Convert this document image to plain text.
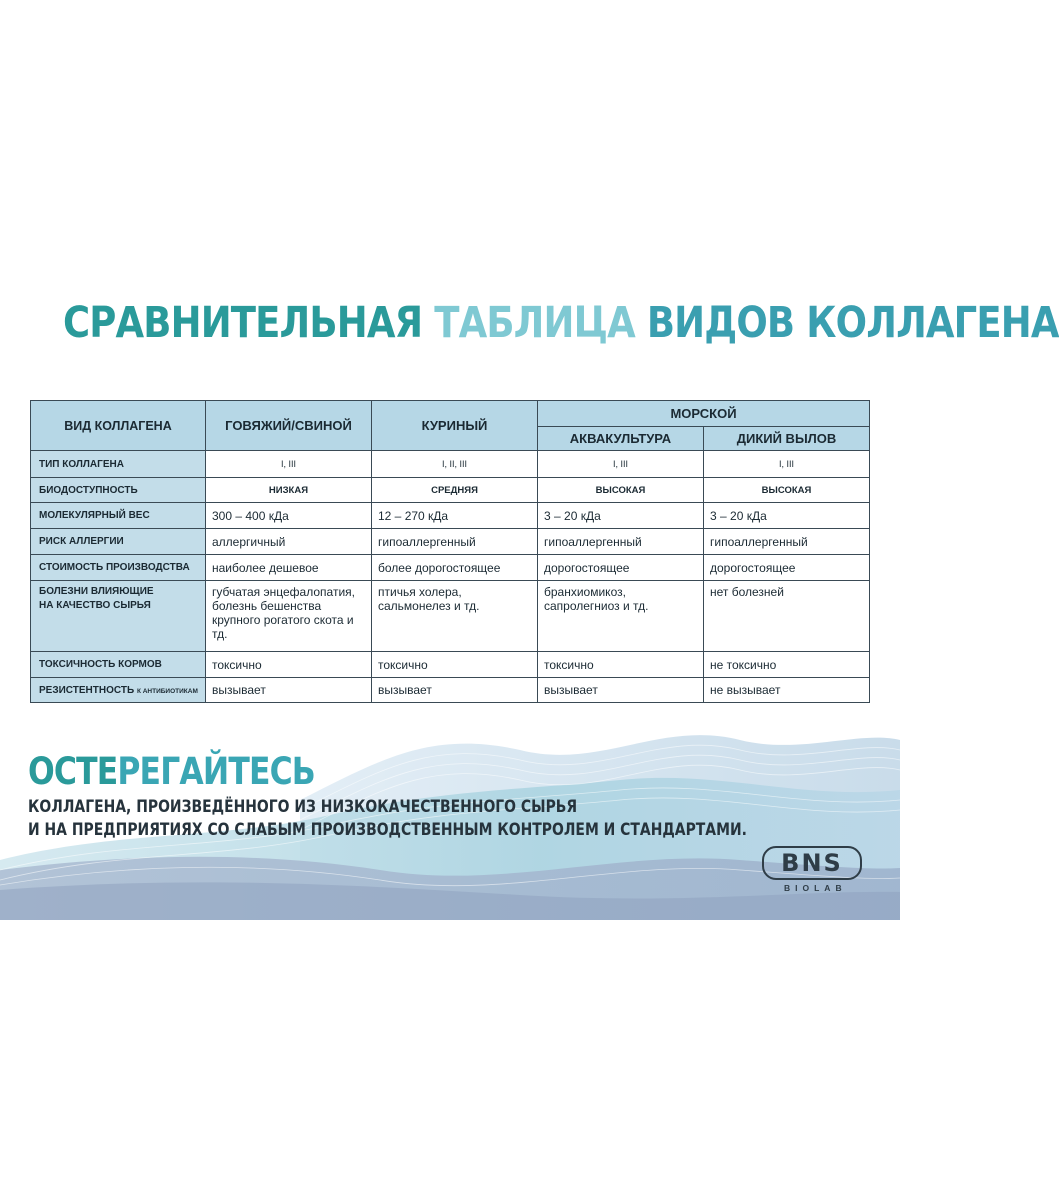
СРАВНИТЕЛЬНАЯ ТАБЛИЦА ВИДОВ КОЛЛАГЕНА
ВИД КОЛЛАГЕНА	ГОВЯЖИЙ/СВИНОЙ	КУРИНЫЙ	МОРСКОЙ	
			АКВАКУЛЬТУРА	ДИКИЙ ВЫЛОВ
ТИП КОЛЛАГЕНА	I, III	I, II, III	I, III	I, III
БИОДОСТУПНОСТЬ	НИЗКАЯ	СРЕДНЯЯ	ВЫСОКАЯ	ВЫСОКАЯ
МОЛЕКУЛЯРНЫЙ ВЕС	300 – 400 кДа	12 – 270 кДа	3 – 20 кДа	3 – 20 кДа
РИСК АЛЛЕРГИИ	аллергичный	гипоаллергенный	гипоаллергенный	гипоаллергенный
СТОИМОСТЬ ПРОИЗВОДСТВА	наиболее дешевое	более дорогостоящее	дорогостоящее	дорогостоящее

БОЛЕЗНИ ВЛИЯЮЩИЕ
НА КАЧЕСТВО СЫРЬЯ	губчатая энцефалопатия, болезнь бешенства крупного рогатого скота и тд.	птичья холера, сальмонелез и тд.	бранхиомикоз, сапролегниоз и тд.	нет болезней
ТОКСИЧНОСТЬ КОРМОВ	токсично	токсично	токсично	не токсично
РЕЗИСТЕНТНОСТЬ К АНТИБИОТИКАМ	вызывает	вызывает	вызывает	не вызывает
ОСТЕРЕГАЙТЕСЬ
КОЛЛАГЕНА, ПРОИЗВЕДЁННОГО ИЗ НИЗКОКАЧЕСТВЕННОГО СЫРЬЯ
И НА ПРЕДПРИЯТИЯХ СО СЛАБЫМ ПРОИЗВОДСТВЕННЫМ КОНТРОЛЕМ И СТАНДАРТАМИ.
BNS
BIOLAB
